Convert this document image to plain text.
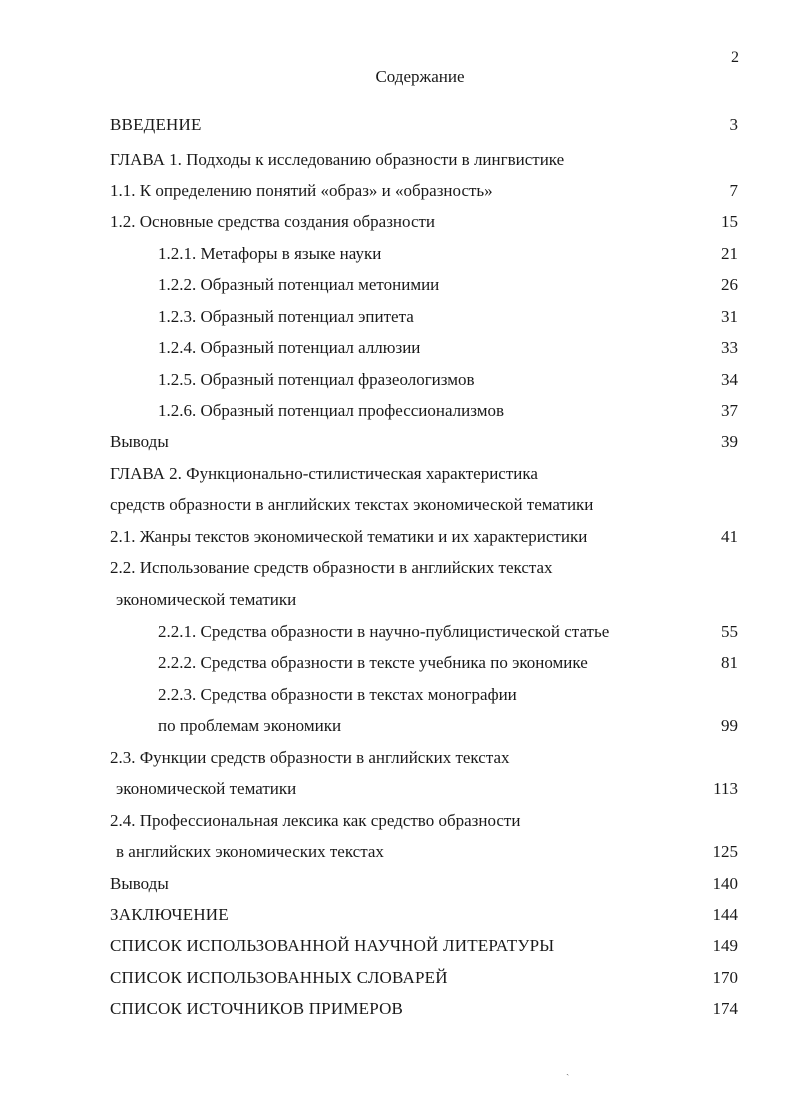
2
Содержание
ВВЕДЕНИЕ	3
ГЛАВА 1. Подходы к исследованию образности в лингвистике
1.1. К определению понятий «образ» и «образность»	7
1.2. Основные средства создания образности	15
1.2.1. Метафоры в языке науки	21
1.2.2. Образный потенциал метонимии	26
1.2.3. Образный потенциал эпитета	31
1.2.4. Образный потенциал аллюзии	33
1.2.5. Образный потенциал фразеологизмов	34
1.2.6. Образный потенциал профессионализмов	37
Выводы	39
ГЛАВА 2. Функционально-стилистическая характеристика
средств образности в английских текстах экономической тематики
2.1. Жанры текстов экономической тематики и их характеристики	41
2.2. Использование средств образности в английских текстах
экономической тематики
2.2.1. Средства образности в научно-публицистической статье	55
2.2.2. Средства образности в тексте учебника по экономике	81
2.2.3. Средства образности в текстах монографии
по проблемам экономики	99
2.3. Функции средств образности в английских текстах
экономической тематики	113
2.4. Профессиональная лексика как средство образности
в английских экономических текстах	125
Выводы	140
ЗАКЛЮЧЕНИЕ	144
СПИСОК ИСПОЛЬЗОВАННОЙ НАУЧНОЙ ЛИТЕРАТУРЫ	149
СПИСОК ИСПОЛЬЗОВАННЫХ СЛОВАРЕЙ	170
СПИСОК ИСТОЧНИКОВ ПРИМЕРОВ	174
ˏ
